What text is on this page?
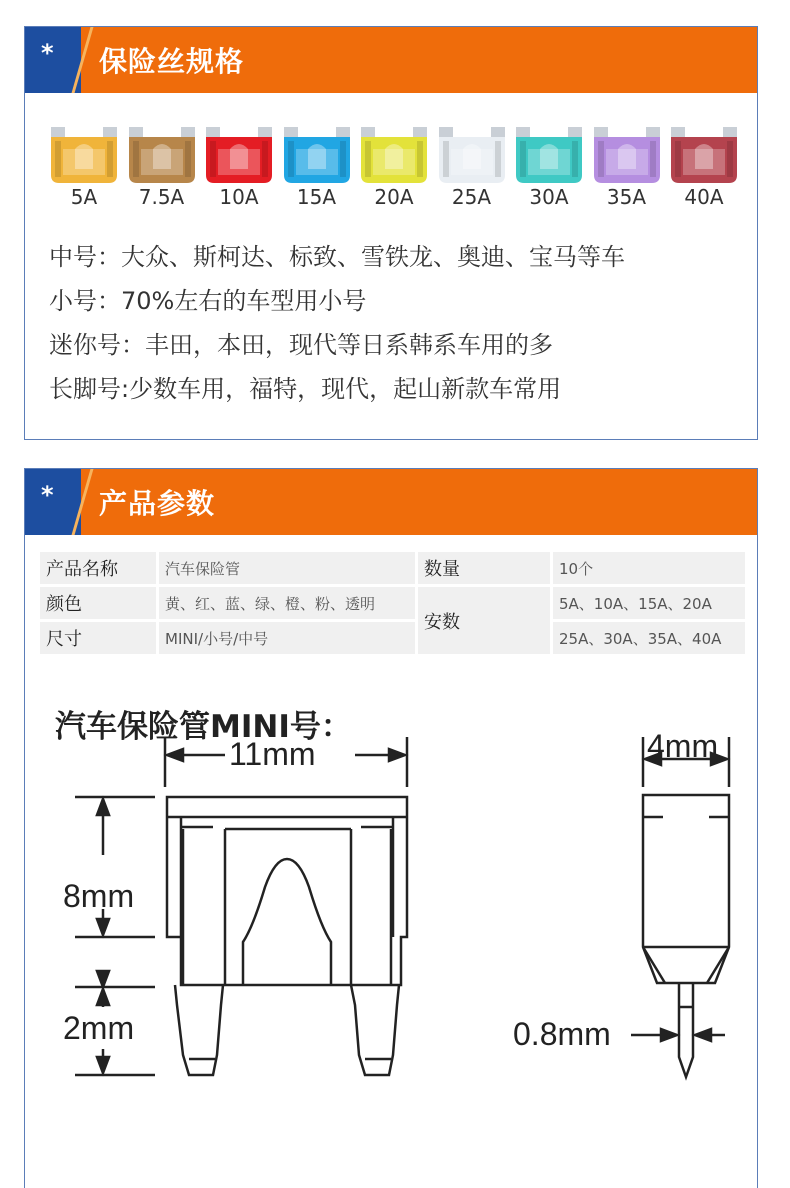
* 保险丝规格
5A	7.5A	10A	15A	20A	25A	30A	35A	40A
中号：大众、斯柯达、标致、雪铁龙、奥迪、宝马等车
小号：70%左右的车型用小号
迷你号：丰田，本田，现代等日系韩系车用的多
长脚号:少数车用，福特，现代，起山新款车常用
* 产品参数
产品名称	汽车保险管	数量	10个
颜色	黄、红、蓝、绿、橙、粉、透明	安数	5A、10A、15A、20A
尺寸	MINI/小号/中号		25A、30A、35A、40A
汽车保险管MINI号：
11mm
8mm
2mm	0.8mm
4mm
